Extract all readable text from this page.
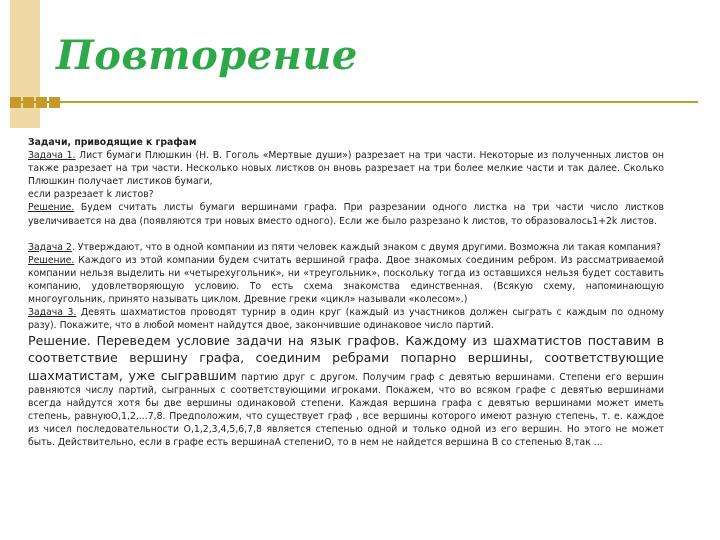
Повторение

Задачи, приводящие к графам

Задача 1. Лист бумаги Плюшкин (Н. В. Гоголь «Мертвые души») разрезает на три части. Некоторые из полученных листов он также разрезает на три части. Несколько новых листков он вновь разрезает на три более мелкие части и так далее. Сколько Плюшкин получает листиков бумаги,

если разрезает k листов?

Решение. Будем считать листы бумаги вершинами графа. При разрезании одного листка на три части число листков увеличивается на два (появляются три новых вместо одного). Если же было разрезано k листов, то образовалось1+2k листов.

Задача 2. Утверждают, что в одной компании из пяти человек каждый знаком с двумя другими. Возможна ли такая компания?

Решение. Каждого из этой компании будем считать вершиной графа. Двое знакомых соединим ребром. Из рассматриваемой компании нельзя выделить ни «четырехугольник», ни «треугольник», поскольку тогда из оставшихся нельзя будет составить компанию, удовлетворяющую условию. То есть схема знакомства единственная. (Всякую схему, напоминающую многоугольник, принято называть циклом. Древние греки «цикл» называли «колесом».)

Задача 3. Девять шахматистов проводят турнир в один круг (каждый из участников должен сыграть с каждым по одному разу). Покажите, что в любой момент найдутся двое, закончившие одинаковое число партий.

Решение. Переведем условие задачи на язык графов. Каждому из шахматистов поставим в соответствие вершину графа, соединим ребрами попарно вершины, соответствующие шахматистам, уже сыгравшим партию друг с другом. Получим граф с девятью вершинами. Степени его вершин равняются числу партий, сыгранных с соответствующими игроками. Покажем, что во всяком графе с девятью вершинами всегда найдутся хотя бы две вершины одинаковой степени. Каждая вершина графа с девятью вершинами может иметь степень, равнуюO,1,2,...7,8. Предположим, что существует граф , все вершины которого имеют разную степень, т. е. каждое из чисел последовательности O,1,2,3,4,5,6,7,8 является степенью одной и только одной из его вершин. Но этого не может быть. Действительно, если в графе есть вершинаА степениO, то в нем не найдется вершина В со степенью 8,так ...
